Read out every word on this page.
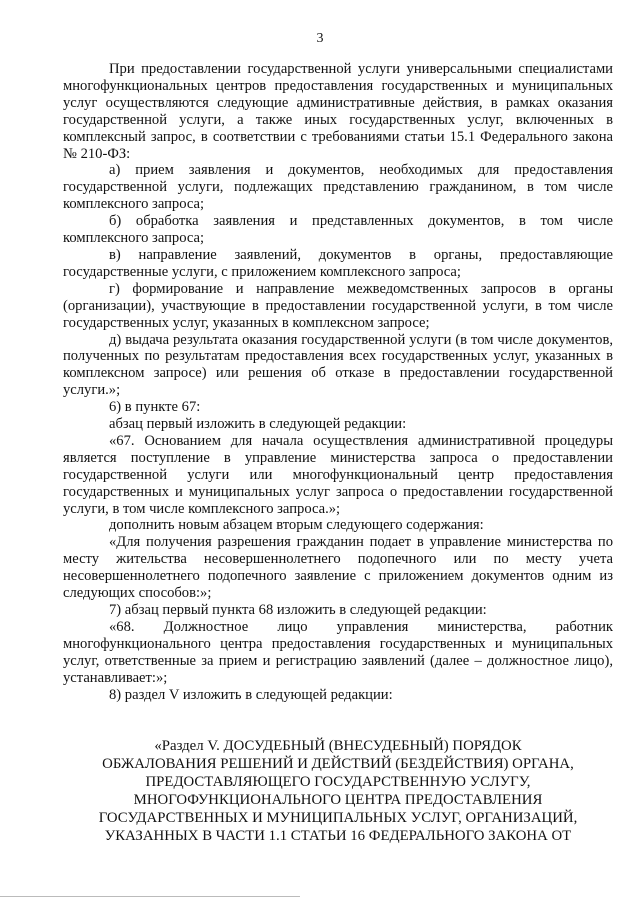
3

При предоставлении государственной услуги универсальными специалистами многофункциональных центров предоставления государственных и муниципальных услуг осуществляются следующие административные действия, в рамках оказания государственной услуги, а также иных государственных услуг, включенных в комплексный запрос, в соответствии с требованиями статьи 15.1 Федерального закона № 210-ФЗ:

а) прием заявления и документов, необходимых для предоставления государственной услуги, подлежащих представлению гражданином, в том числе комплексного запроса;

б) обработка заявления и представленных документов, в том числе комплексного запроса;

в) направление заявлений, документов в органы, предоставляющие государственные услуги, с приложением комплексного запроса;

г) формирование и направление межведомственных запросов в органы (организации), участвующие в предоставлении государственной услуги, в том числе государственных услуг, указанных в комплексном запросе;

д) выдача результата оказания государственной услуги (в том числе документов, полученных по результатам предоставления всех государственных услуг, указанных в комплексном запросе) или решения об отказе в предоставлении государственной услуги.»;

6) в пункте 67:

абзац первый изложить в следующей редакции:

«67. Основанием для начала осуществления административной процедуры является поступление в управление министерства запроса о предоставлении государственной услуги или многофункциональный центр предоставления государственных и муниципальных услуг запроса о предоставлении государственной услуги, в том числе комплексного запроса.»;

дополнить новым абзацем вторым следующего содержания:

«Для получения разрешения гражданин подает в управление министерства по месту жительства несовершеннолетнего подопечного или по месту учета несовершеннолетнего подопечного заявление с приложением документов одним из следующих способов:»;

7) абзац первый пункта 68 изложить в следующей редакции:

«68. Должностное лицо управления министерства, работник многофункционального центра предоставления государственных и муниципальных услуг, ответственные за прием и регистрацию заявлений (далее – должностное лицо), устанавливает:»;

8) раздел V изложить в следующей редакции:

«Раздел V. ДОСУДЕБНЫЙ (ВНЕСУДЕБНЫЙ) ПОРЯДОК
ОБЖАЛОВАНИЯ РЕШЕНИЙ И ДЕЙСТВИЙ (БЕЗДЕЙСТВИЯ) ОРГАНА,
ПРЕДОСТАВЛЯЮЩЕГО ГОСУДАРСТВЕННУЮ УСЛУГУ,
МНОГОФУНКЦИОНАЛЬНОГО ЦЕНТРА ПРЕДОСТАВЛЕНИЯ
ГОСУДАРСТВЕННЫХ И МУНИЦИПАЛЬНЫХ УСЛУГ, ОРГАНИЗАЦИЙ,
УКАЗАННЫХ В ЧАСТИ 1.1 СТАТЬИ 16 ФЕДЕРАЛЬНОГО ЗАКОНА ОТ
